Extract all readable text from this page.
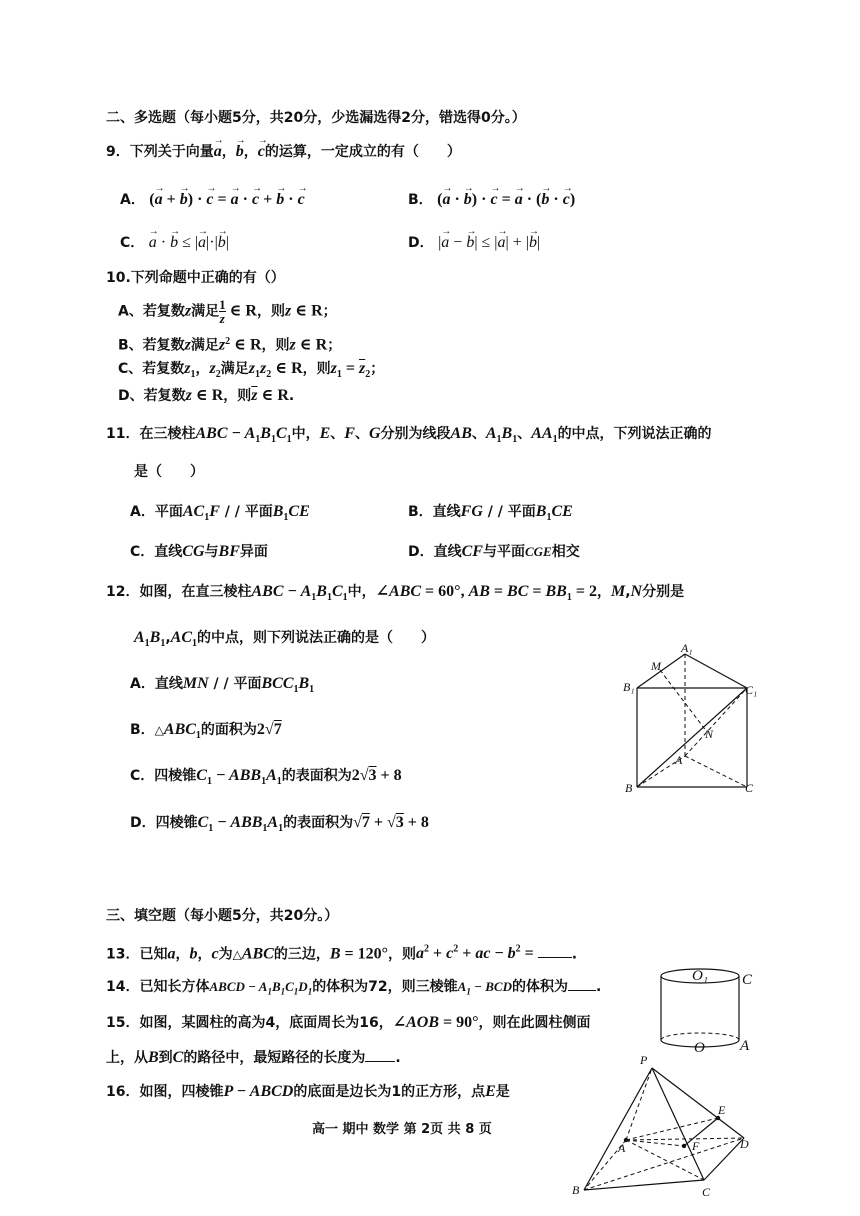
二、多选题（每小题5分，共20分，少选漏选得2分，错选得0分。）
9．下列关于向量→ a，→ b，→ c的运算，一定成立的有（　　）
A． (→ a + → b) · → c = → a · → c + → b · → c	B． (→ a · → b) · → c = → a · (→ b · → c)
C． → a · → b ≤ |→ a|·|→ b|	D． |→ a − → b| ≤ |→ a| + |→ b|
10.下列命题中正确的有（）
A、若复数z满足 $\frac{1}{z}$ ∈ R，则z ∈ R；
B、若复数z满足$z^2$ ∈ R，则z ∈ R；
C、若复数$z_1$，$z_2$满足$z_1z_2$ ∈ R，则$z_1 = \overline{z}_2$；
D、若复数z ∈ R，则$\overline{z}$ ∈ R.
11．在三棱柱ABC − $A_1B_1C_1$中，E、F、G分别为线段AB、$A_1B_1$、$AA_1$的中点，下列说法正确的
是（　　）
A．平面$AC_1F$ / / 平面$B_1CE$	B．直线FG / / 平面$B_1CE$
C．直线CG与BF异面	D．直线CF与平面CGE相交
12．如图，在直三棱柱ABC − $A_1B_1C_1$中，∠ABC = 60°, AB = BC = $BB_1 = 2$，M,N分别是
$A_1B_1,AC_1$的中点，则下列说法正确的是（　　）
A．直线MN / / 平面$BCC_1B_1$
B．$\triangle ABC_1$的面积为2√7
C．四棱锥$C_1 - ABB_1A_1$的表面积为2√3 + 8
D．四棱锥$C_1 - ABB_1A_1$的表面积为√7 + √3 + 8
A₁
M
B₁	C₁
N
A
B	C
三、填空题（每小题5分，共20分。）
13．已知a，b，c为△ABC的三边，B = 120°，则$a^2 + c^2$ + ac − $b^2$ = .
14．已知长方体ABCD − $A_1B_1C_1D_1$的体积为72，则三棱锥$A_1$ − BCD的体积为 .
15．如图，某圆柱的高为4，底面周长为16，∠AOB = 90°，则在此圆柱侧面
上，从B到C的路径中，最短路径的长度为 .
O₁ C
O A
16．如图，四棱锥P − ABCD的底面是边长为1的正方形，点E是
P
E
A	F	D
B	C
高一 期中 数学 第 2页 共 8 页
